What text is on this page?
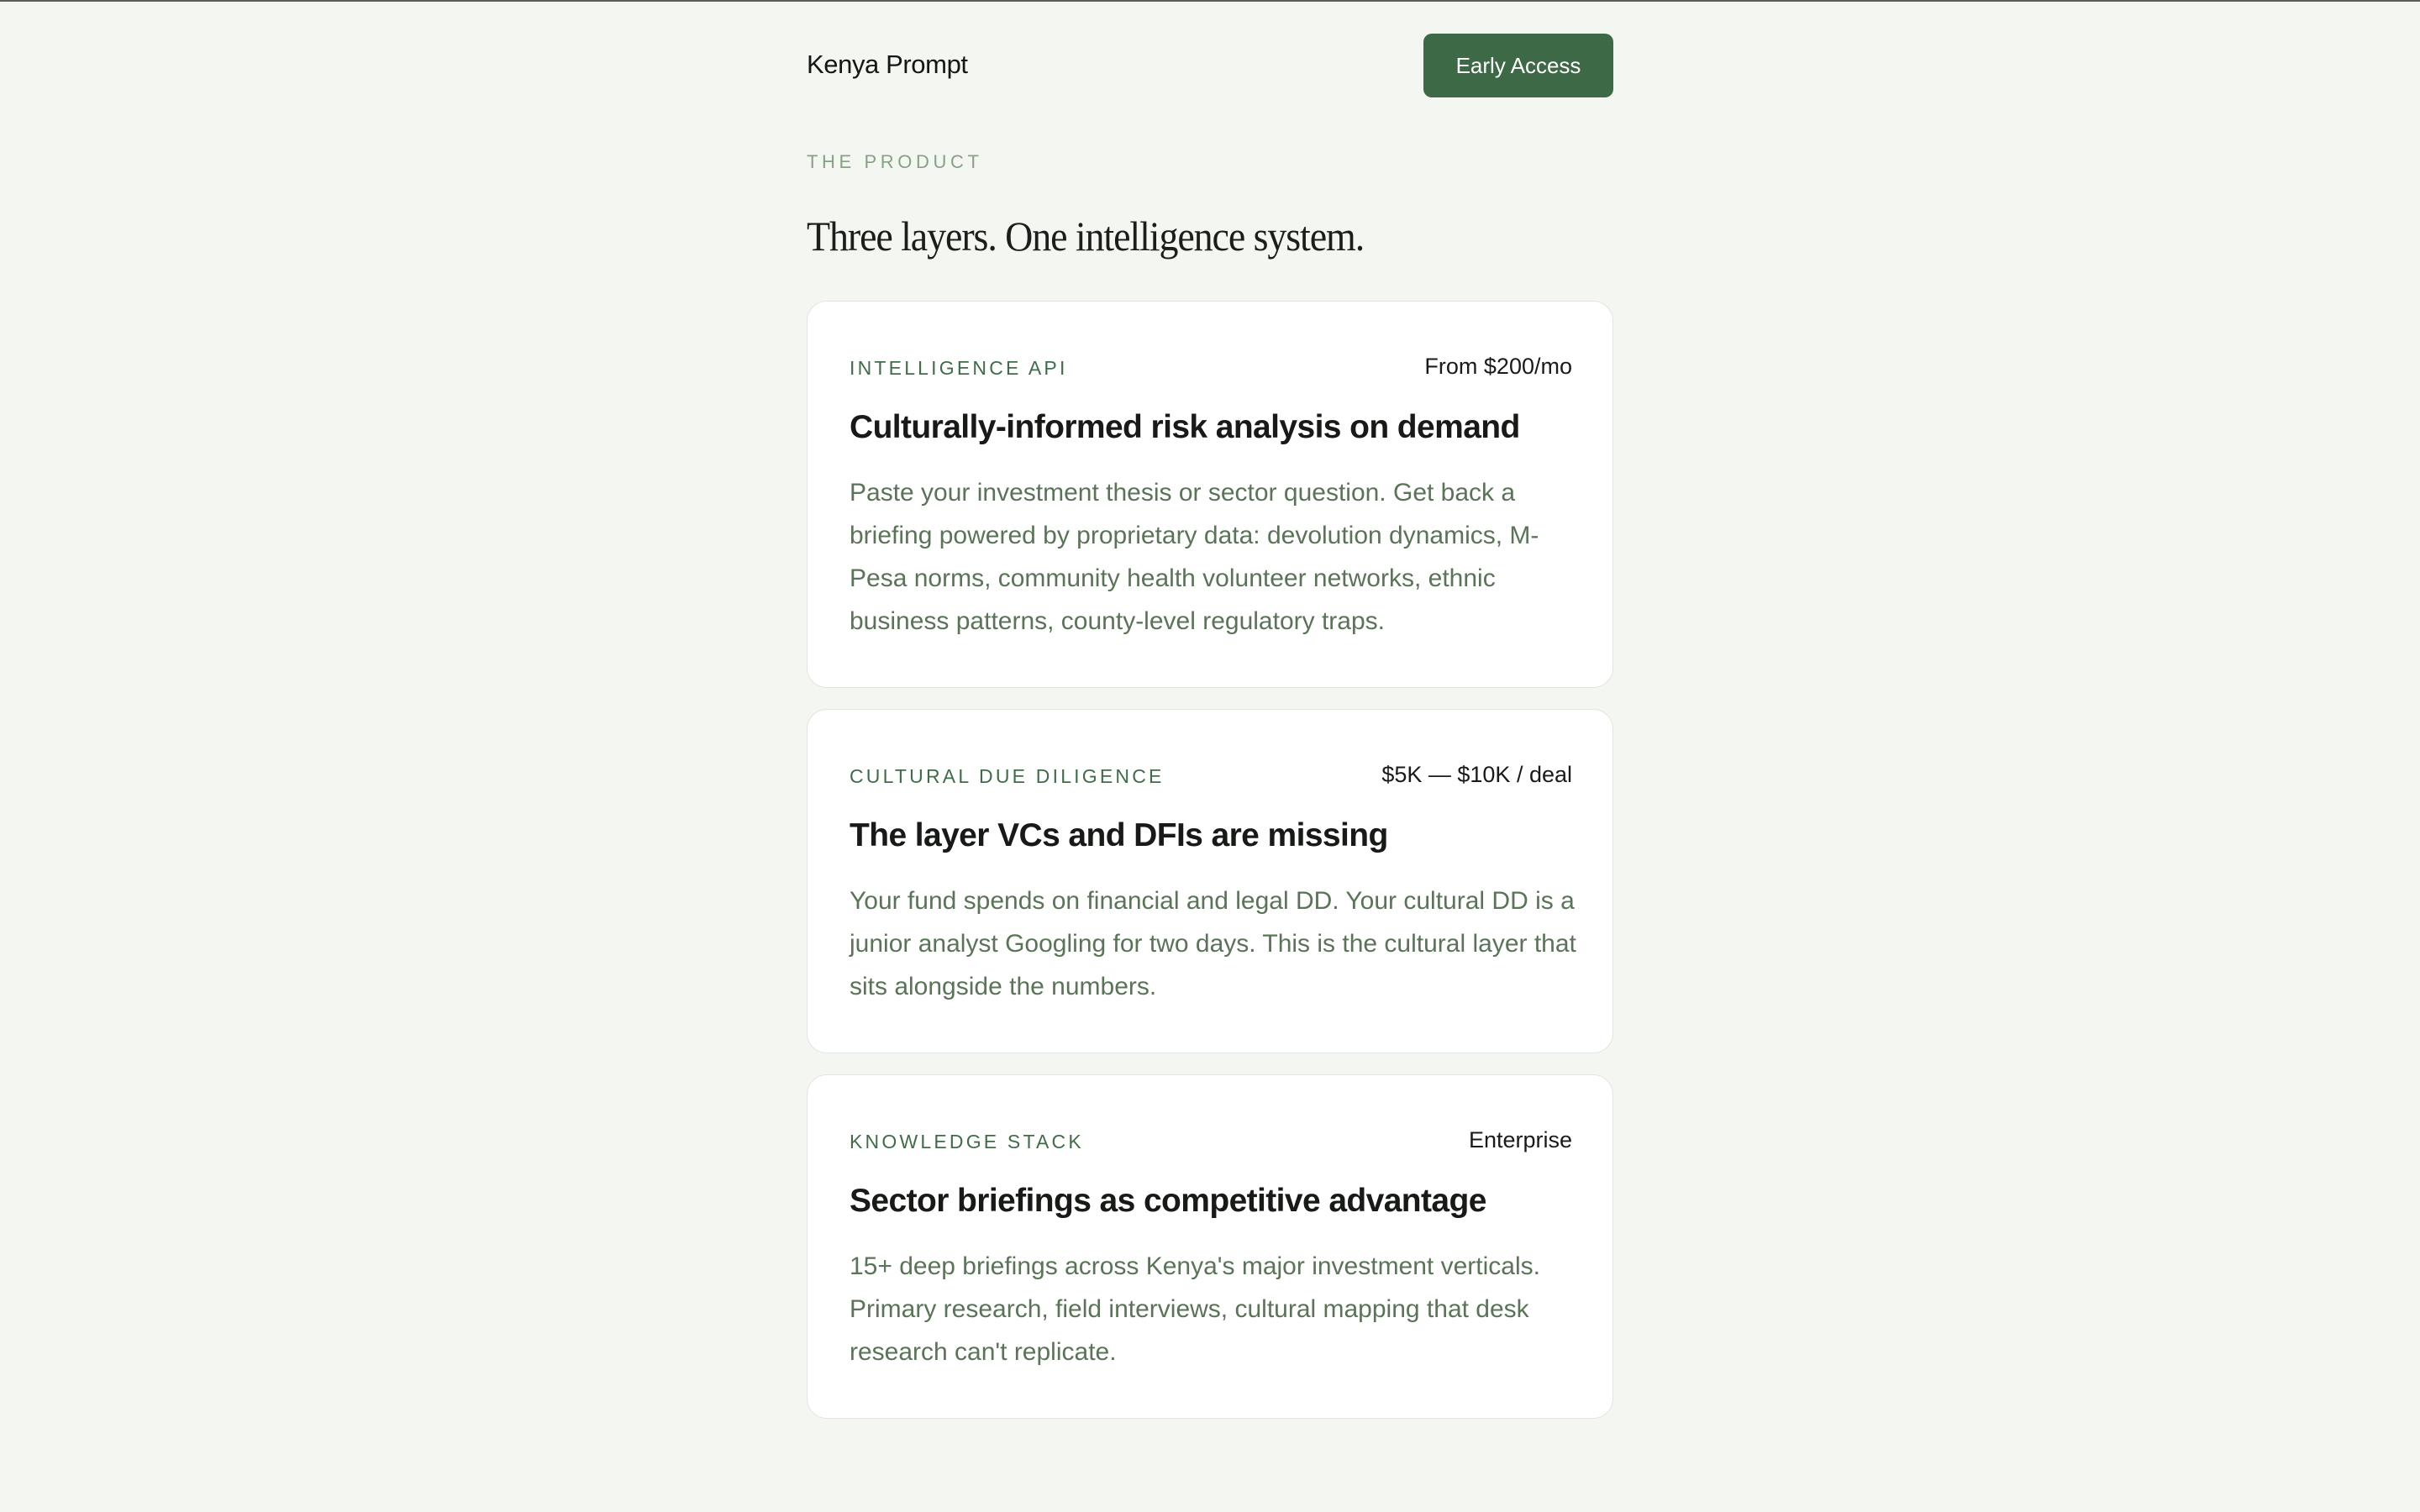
Kenya Prompt	Early Access
THE PRODUCT
Three layers. One intelligence system.
INTELLIGENCE API	From $200/mo
Culturally-informed risk analysis on demand

Paste your investment thesis or sector question. Get back a briefing powered by proprietary data: devolution dynamics, M-Pesa norms, community health volunteer networks, ethnic business patterns, county-level regulatory traps.

CULTURAL DUE DILIGENCE	$5K — $10K / deal
The layer VCs and DFIs are missing

Your fund spends on financial and legal DD. Your cultural DD is a junior analyst Googling for two days. This is the cultural layer that sits alongside the numbers.

KNOWLEDGE STACK	Enterprise
Sector briefings as competitive advantage

15+ deep briefings across Kenya's major investment verticals. Primary research, field interviews, cultural mapping that desk research can't replicate.
